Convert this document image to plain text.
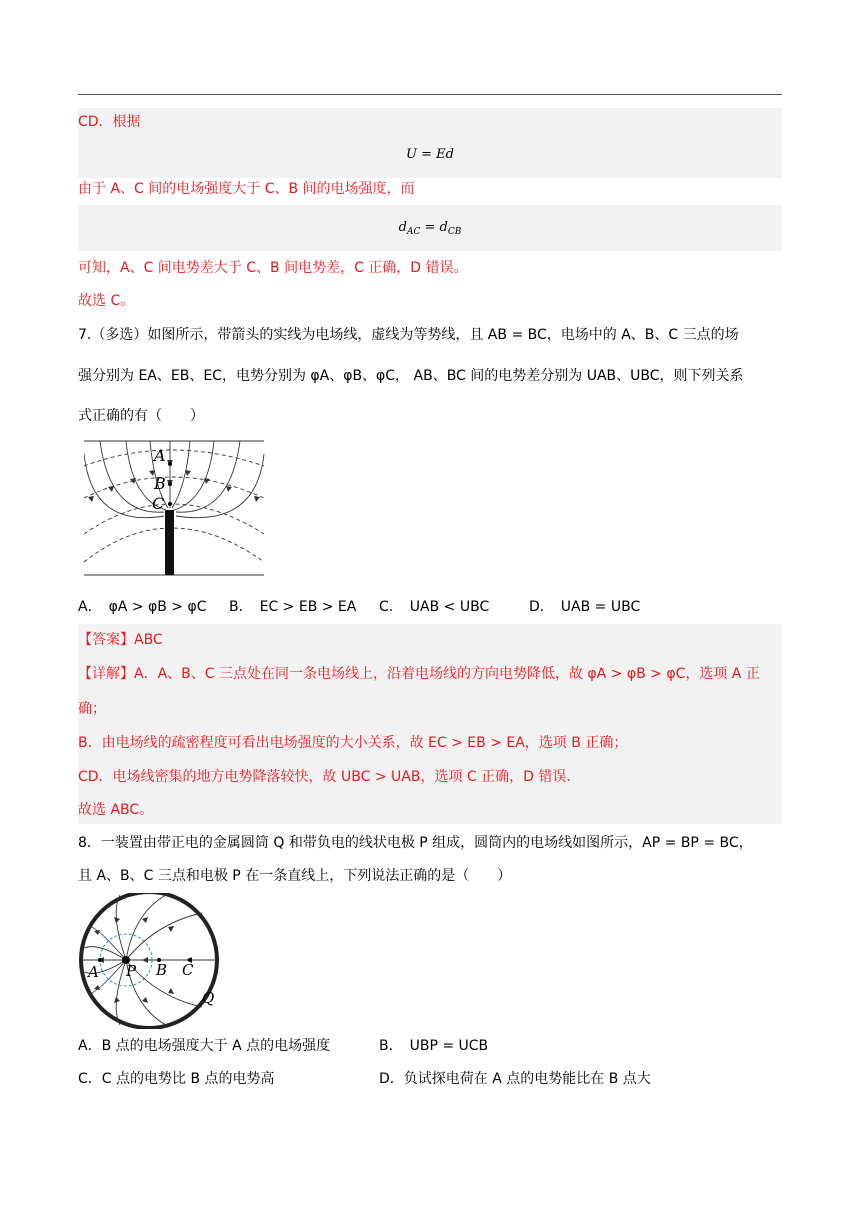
CD．根据
U = Ed
由于 A、C 间的电场强度大于 C、B 间的电场强度，而
$d_{AC} = d_{CB}$
可知，A、C 间电势差大于 C、B 间电势差，C 正确，D 错误。
故选 C。
7.（多选）如图所示，带箭头的实线为电场线，虚线为等势线，且 AB = BC，电场中的 A、B、C 三点的场
强分别为 EA、EB、EC，电势分别为 φA、φB、φC， AB、BC 间的电势差分别为 UAB、UBC，则下列关系
式正确的有（　　）
A
B
C
A．　φA > φB > φC B．　EC > EB > EA C．　UAB < UBC	D．　UAB = UBC
【答案】ABC
【详解】A．A、B、C 三点处在同一条电场线上，沿着电场线的方向电势降低，故 φA > φB > φC，选项 A 正
确；
B．由电场线的疏密程度可看出电场强度的大小关系，故 EC > EB > EA，选项 B 正确；
CD．电场线密集的地方电势降落较快，故 UBC > UAB，选项 C 正确，D 错误.
故选 ABC。
8．一装置由带正电的金属圆筒 Q 和带负电的线状电极 P 组成，圆筒内的电场线如图所示，AP = BP = BC，
且 A、B、C 三点和电极 P 在一条直线上，下列说法正确的是（　　）
A P B C
Q
A．B 点的电场强度大于 A 点的电场强度	B．　UBP = UCB
C．C 点的电势比 B 点的电势高	D．负试探电荷在 A 点的电势能比在 B 点大
